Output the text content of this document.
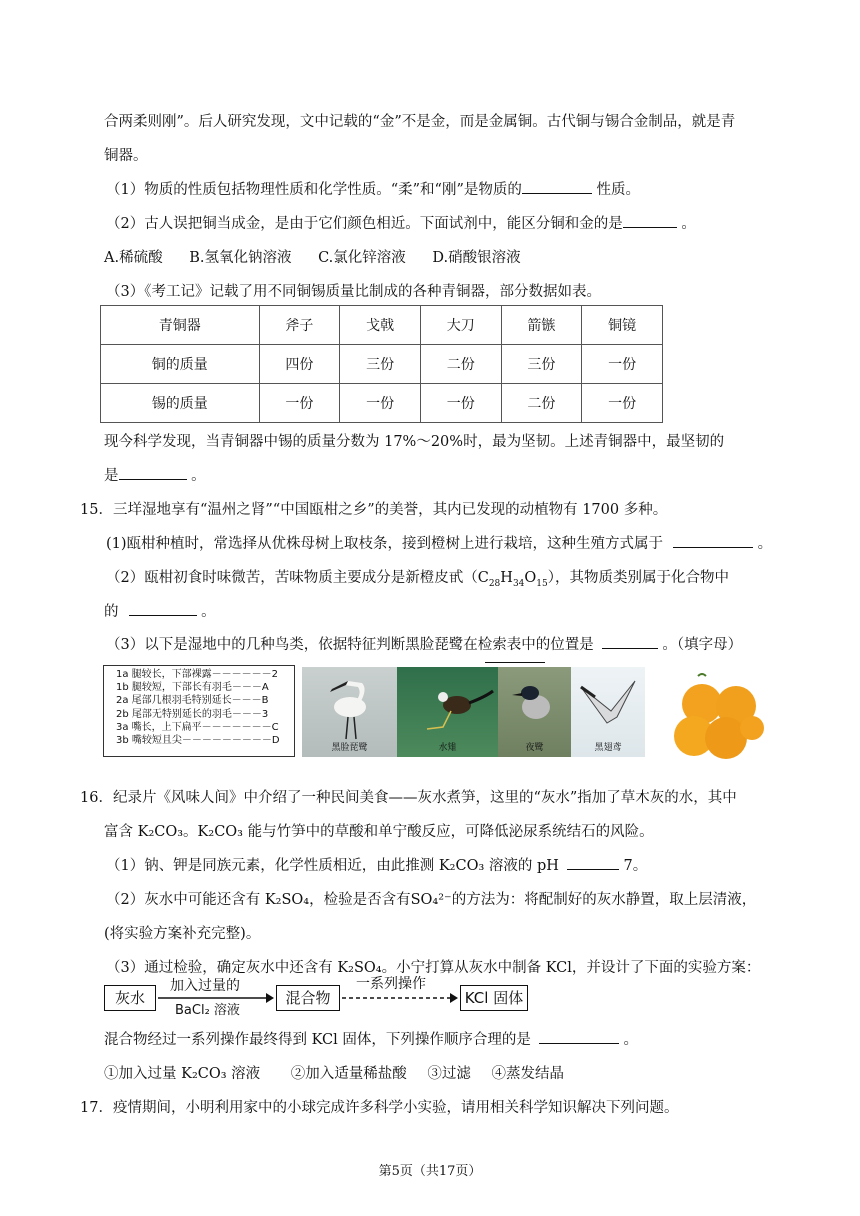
合两柔则刚”。后人研究发现，文中记载的“金”不是金，而是金属铜。古代铜与锡合金制品，就是青
铜器。
（1）物质的性质包括物理性质和化学性质。“柔”和“刚”是物质的	性质。
（2）古人误把铜当成金，是由于它们颜色相近。下面试剂中，能区分铜和金的是	。
A.稀硫酸 B.氢氧化钠溶液 C.氯化锌溶液 D.硝酸银溶液
（3）《考工记》记载了用不同铜锡质量比制成的各种青铜器，部分数据如表。
青铜器	斧子	戈戟	大刀	箭镞	铜镜
铜的质量	四份	三份	二份	三份	一份
锡的质量	一份	一份	一份	二份	一份
现今科学发现，当青铜器中锡的质量分数为 17%～20%时，最为坚韧。上述青铜器中，最坚韧的
是	。
15．三垟湿地享有“温州之肾”“中国瓯柑之乡”的美誉，其内已发现的动植物有 1700 多种。
(1)瓯柑种植时，常选择从优株母树上取枝条，接到橙树上进行栽培，这种生殖方式属于	。
（2）瓯柑初食时味微苦，苦味物质主要成分是新橙皮甙$(C_{28}H_{34}O_{15})$，其物质类别属于化合物中
的	。
（3）以下是湿地中的几种鸟类，依据特征判断黑脸琵鹭在检索表中的位置是	。（填字母）
1a 腿较长，下部裸露－－－－－－2
1b 腿较短，下部长有羽毛－－－A
2a 尾部几根羽毛特别延长－－－B
2b 尾部无特别延长的羽毛－－－3
3a 嘴长，上下扁平－－－－－－－C
3b 嘴较短且尖－－－－－－－－－D
黑脸琵鹭	水雉	夜鹭	黑翅鸢
16．纪录片《风味人间》中介绍了一种民间美食——灰水煮笋，这里的“灰水”指加了草木灰的水，其中
富含 K₂CO₃。K₂CO₃ 能与竹笋中的草酸和单宁酸反应，可降低泌尿系统结石的风险。
（1）钠、钾是同族元素，化学性质相近，由此推测 K₂CO₃ 溶液的 pH	7。
（2）灰水中可能还含有 K₂SO₄，检验是否含有SO₄²⁻的方法为：将配制好的灰水静置，取上层清液，
(将实验方案补充完整)。
（3）通过检验，确定灰水中还含有 K₂SO₄。小宁打算从灰水中制备 KCl，并设计了下面的实验方案：
灰水
加入过量的
BaCl₂ 溶液
混合物
一系列操作
KCl 固体
混合物经过一系列操作最终得到 KCl 固体，下列操作顺序合理的是	。
①加入过量 K₂CO₃ 溶液 ②加入适量稀盐酸 ③过滤 ④蒸发结晶
17．疫情期间，小明利用家中的小球完成许多科学小实验，请用相关科学知识解决下列问题。
第5页（共17页）
